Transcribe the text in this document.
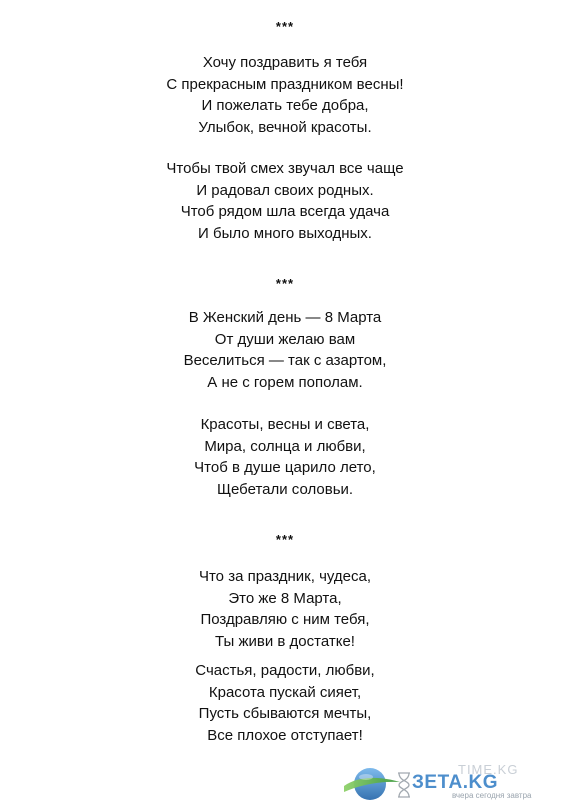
***
Хочу поздравить я тебя
С прекрасным праздником весны!
И пожелать тебе добра,
Улыбок, вечной красоты.
Чтобы твой смех звучал все чаще
И радовал своих родных.
Чтоб рядом шла всегда удача
И было много выходных.
***
В Женский день — 8 Марта
От души желаю вам
Веселиться — так с азартом,
А не с горем пополам.
Красоты, весны и света,
Мира, солнца и любви,
Чтоб в душе царило лето,
Щебетали соловьи.
***
Что за праздник, чудеса,
Это же 8 Марта,
Поздравляю с ним тебя,
Ты живи в достатке!
Счастья, радости, любви,
Красота пускай сияет,
Пусть сбываются мечты,
Все плохое отступает!
TIME.KG
ЗЕТА.KG
вчера сегодня завтра
